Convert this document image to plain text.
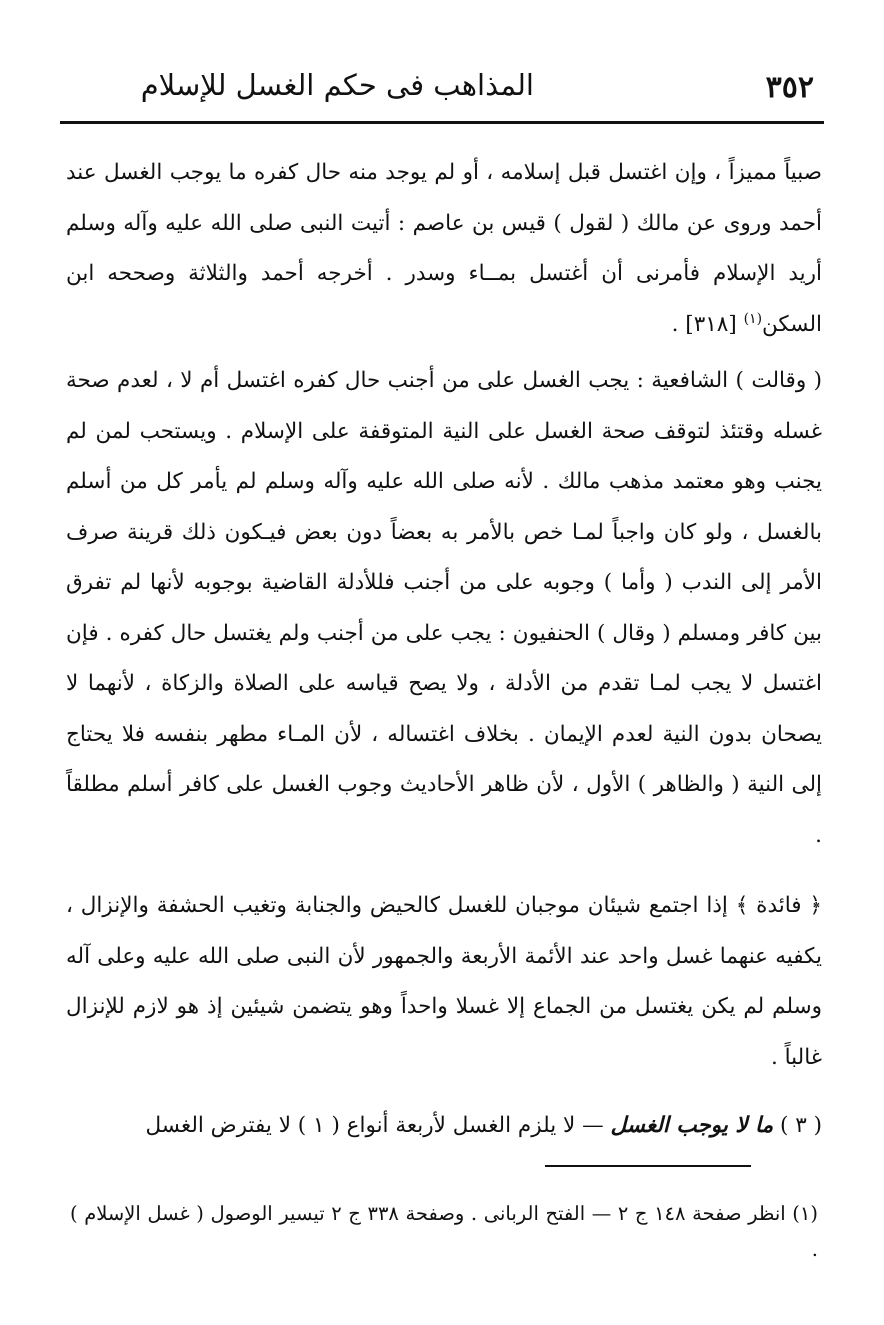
٣٥٢
المذاهب فى حكم الغسل للإسلام

صبياً مميزاً ، وإن اغتسل قبل إسلامه ، أو لم يوجد منه حال كفره ما يوجب الغسل عند أحمد وروى عن مالك ( لقول ) قيس بن عاصم : أتيت النبى صلى الله عليه وآله وسلم أريد الإسلام فأمرنى أن أغتسل بمــاء وسدر . أخرجه أحمد والثلاثة وصححه ابن السكن$^{(١)}$ [٣١٨] .

( وقالت ) الشافعية : يجب الغسل على من أجنب حال كفره اغتسل أم لا ، لعدم صحة غسله وقتئذ لتوقف صحة الغسل على النية المتوقفة على الإسلام . ويستحب لمن لم يجنب وهو معتمد مذهب مالك . لأنه صلى الله عليه وآله وسلم لم يأمر كل من أسلم بالغسل ، ولو كان واجباً لمـا خص بالأمر به بعضاً دون بعض فيـكون ذلك قرينة صرف الأمر إلى الندب ( وأما ) وجوبه على من أجنب فللأدلة القاضية بوجوبه لأنها لم تفرق بين كافر ومسلم ( وقال ) الحنفيون : يجب على من أجنب ولم يغتسل حال كفره . فإن اغتسل لا يجب لمـا تقدم من الأدلة ، ولا يصح قياسه على الصلاة والزكاة ، لأنهما لا يصحان بدون النية لعدم الإيمان . بخلاف اغتساله ، لأن المـاء مطهر بنفسه فلا يحتاج إلى النية ( والظاهر ) الأول ، لأن ظاهر الأحاديث وجوب الغسل على كافر أسلم مطلقاً .

﴿ فائدة ﴾ إذا اجتمع شيئان موجبان للغسل كالحيض والجنابة وتغيب الحشفة والإنزال ، يكفيه عنهما غسل واحد عند الأئمة الأربعة والجمهور لأن النبى صلى الله عليه وعلى آله وسلم لم يكن يغتسل من الجماع إلا غسلا واحداً وهو يتضمن شيئين إذ هو لازم للإنزال غالباً .

( ٣ ) ما لا يوجب الغسل — لا يلزم الغسل لأربعة أنواع ( ١ ) لا يفترض الغسل

(١) انظر صفحة ١٤٨ ج ٢ — الفتح الربانى . وصفحة ٣٣٨ ج ٢ تيسير الوصول ( غسل الإسلام ) .
